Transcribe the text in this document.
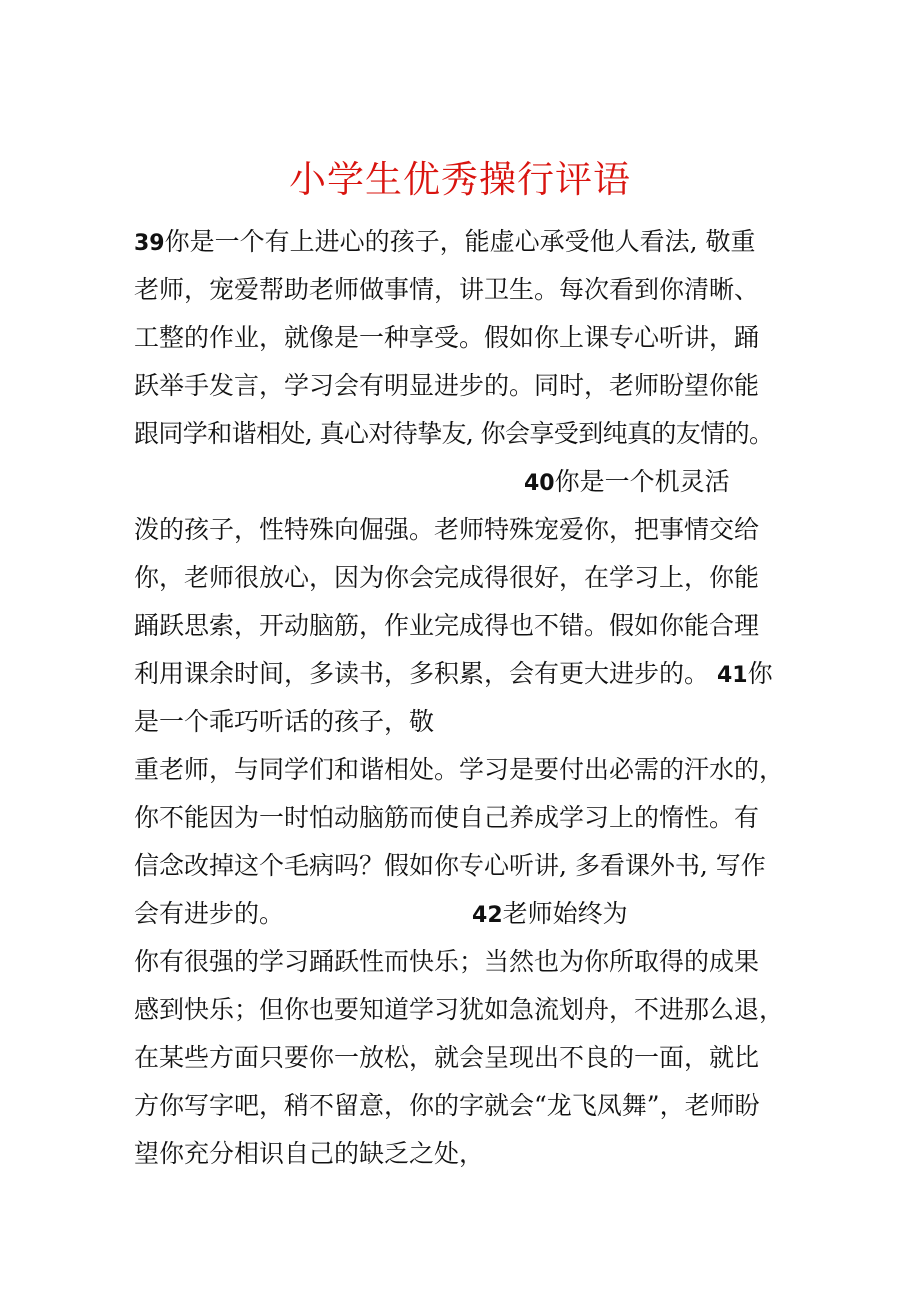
小学生优秀操行评语
39你是一个有上进心的孩子，能虚心承受他人看法, 敬重
老师，宠爱帮助老师做事情，讲卫生。每次看到你清晰、
工整的作业，就像是一种享受。假如你上课专心听讲，踊
跃举手发言，学习会有明显进步的。同时，老师盼望你能
跟同学和谐相处, 真心对待挚友, 你会享受到纯真的友情的。
40你是一个机灵活
泼的孩子，性特殊向倔强。老师特殊宠爱你，把事情交给
你，老师很放心，因为你会完成得很好，在学习上，你能
踊跃思索，开动脑筋，作业完成得也不错。假如你能合理
利用课余时间，多读书，多积累，会有更大进步的。 41你
是一个乖巧听话的孩子，敬
重老师，与同学们和谐相处。学习是要付出必需的汗水的，
你不能因为一时怕动脑筋而使自己养成学习上的惰性。有
信念改掉这个毛病吗？假如你专心听讲, 多看课外书, 写作
会有进步的。	42老师始终为
你有很强的学习踊跃性而快乐；当然也为你所取得的成果
感到快乐；但你也要知道学习犹如急流划舟，不进那么退，
在某些方面只要你一放松，就会呈现出不良的一面，就比
方你写字吧，稍不留意，你的字就会“龙飞凤舞”，老师盼
望你充分相识自己的缺乏之处，
